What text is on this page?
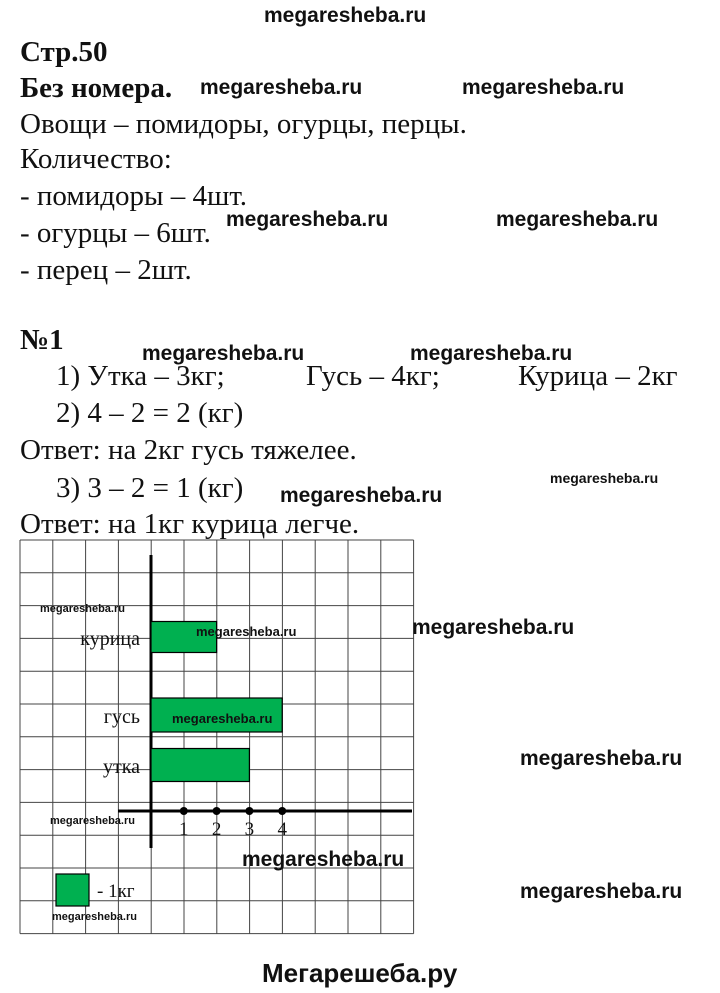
megaresheba.ru
Стр.50
Без номера.
Овощи – помидоры, огурцы, перцы.
Количество:
- помидоры – 4шт.
- огурцы – 6шт.
- перец – 2шт.
№1
1) Утка – 3кг;	Гусь – 4кг;	Курица – 2кг
2) 4 – 2 = 2 (кг)
Ответ: на 2кг гусь тяжелее.
3) 3 – 2 = 1 (кг)
Ответ: на 1кг курица легче.
курица
гусь
утка
1 2 3 4
- 1кг
megaresheba.ru
megaresheba.ru
megaresheba.ru
megaresheba.ru
megaresheba.ru
megaresheba.ru	megaresheba.ru
megaresheba.ru	megaresheba.ru
megaresheba.ru	megaresheba.ru
megaresheba.ru
megaresheba.ru
megaresheba.ru
megaresheba.ru
megaresheba.ru
megaresheba.ru
Мегарешеба.ру
